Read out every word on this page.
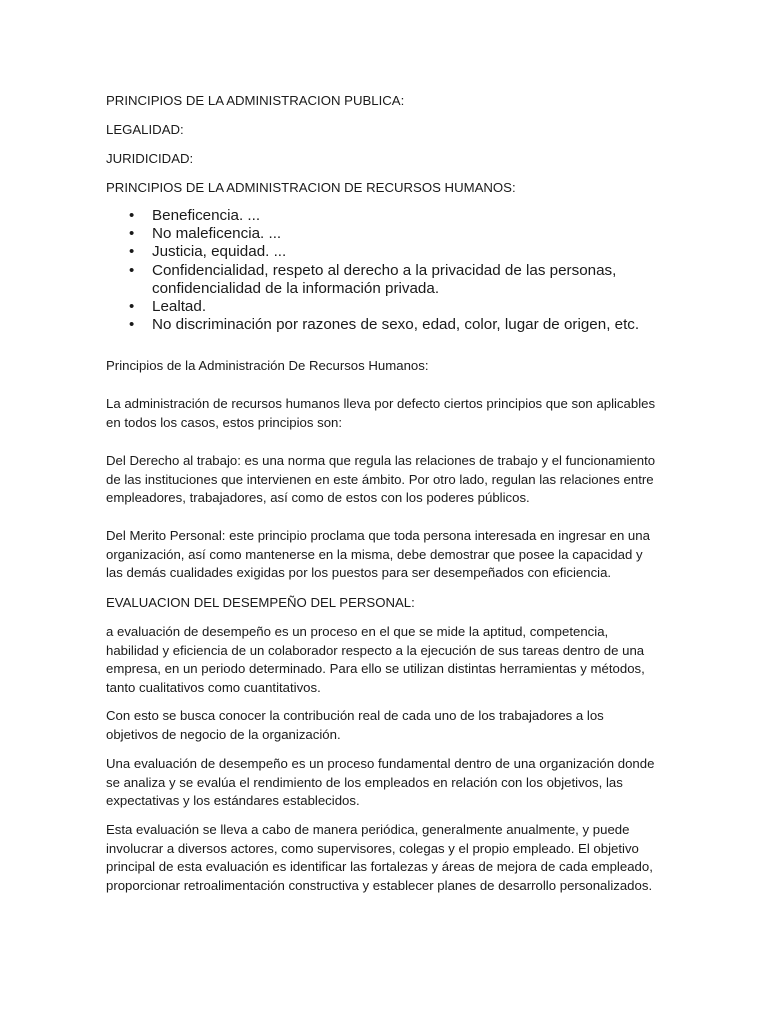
PRINCIPIOS DE LA ADMINISTRACION PUBLICA:

LEGALIDAD:

JURIDICIDAD:

PRINCIPIOS DE LA ADMINISTRACION DE RECURSOS HUMANOS:

• Beneficencia. ...
• No maleficencia. ...
• Justicia, equidad. ...
• Confidencialidad, respeto al derecho a la privacidad de las personas, confidencialidad de la información privada.
• Lealtad.
• No discriminación por razones de sexo, edad, color, lugar de origen, etc.

Principios de la Administración De Recursos Humanos:

La administración de recursos humanos lleva por defecto ciertos principios que son aplicables en todos los casos, estos principios son:

Del Derecho al trabajo: es una norma que regula las relaciones de trabajo y el funcionamiento de las instituciones que intervienen en este ámbito. Por otro lado, regulan las relaciones entre empleadores, trabajadores, así como de estos con los poderes públicos.

Del Merito Personal: este principio proclama que toda persona interesada en ingresar en una organización, así como mantenerse en la misma, debe demostrar que posee la capacidad y las demás cualidades exigidas por los puestos para ser desempeñados con eficiencia.

EVALUACION DEL DESEMPEÑO DEL PERSONAL:

a evaluación de desempeño es un proceso en el que se mide la aptitud, competencia, habilidad y eficiencia de un colaborador respecto a la ejecución de sus tareas dentro de una empresa, en un periodo determinado. Para ello se utilizan distintas herramientas y métodos, tanto cualitativos como cuantitativos.

Con esto se busca conocer la contribución real de cada uno de los trabajadores a los objetivos de negocio de la organización.

Una evaluación de desempeño es un proceso fundamental dentro de una organización donde se analiza y se evalúa el rendimiento de los empleados en relación con los objetivos, las expectativas y los estándares establecidos.

Esta evaluación se lleva a cabo de manera periódica, generalmente anualmente, y puede involucrar a diversos actores, como supervisores, colegas y el propio empleado. El objetivo principal de esta evaluación es identificar las fortalezas y áreas de mejora de cada empleado, proporcionar retroalimentación constructiva y establecer planes de desarrollo personalizados.
